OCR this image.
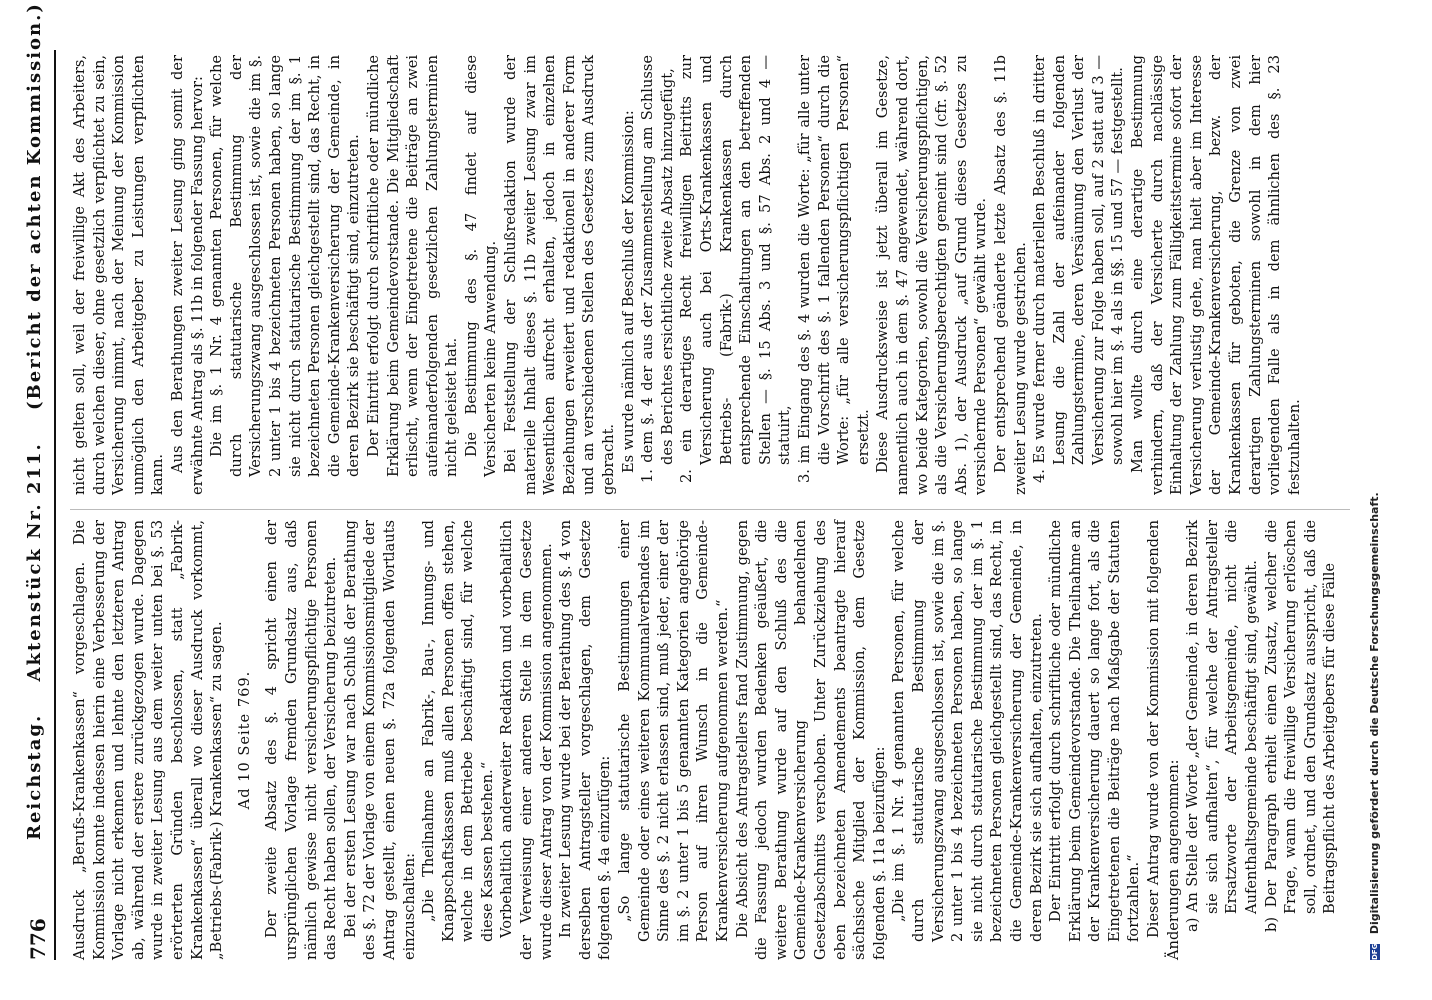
776
Reichstag. Aktenstück Nr. 211. (Bericht der achten Kommission.)

Ausdruck „Berufs-Krankenkassen“ vorgeschlagen. Die Kommission konnte indessen hierin eine Verbesserung der Vorlage nicht erkennen und lehnte den letzteren Antrag ab, während der erstere zurückgezogen wurde. Dagegen wurde in zweiter Lesung aus dem weiter unten bei §. 53 erörterten Gründen beschlossen, statt „Fabrik-Krankenkassen“ überall wo dieser Ausdruck vorkommt, „Betriebs-(Fabrik-) Krankenkassen“ zu sagen. Ad 10 Seite 769. Der zweite Absatz des §. 4 spricht einen der ursprünglichen Vorlage fremden Grundsatz aus, daß nämlich gewisse nicht versicherungspflichtige Personen das Recht haben sollen, der Versicherung beizutreten. Bei der ersten Lesung war nach Schluß der Berathung des §. 72 der Vorlage von einem Kommissionsmitgliede der Antrag gestellt, einen neuen §. 72a folgenden Wortlauts einzuschalten: „Die Theilnahme an Fabrik-, Bau-, Innungs- und Knappschaftskassen muß allen Personen offen stehen, welche in dem Betriebe beschäftigt sind, für welche diese Kassen bestehen.“ Vorbehaltlich anderweiter Redaktion und vorbehaltlich der Verweisung einer anderen Stelle in dem Gesetze wurde dieser Antrag von der Kommission angenommen. In zweiter Lesung wurde bei der Berathung des §. 4 von derselben Antragsteller vorgeschlagen, dem Gesetze folgenden §. 4a einzufügen: „So lange statutarische Bestimmungen einer Gemeinde oder eines weiteren Kommunalverbandes im Sinne des §. 2 nicht erlassen sind, muß jeder, einer der im §. 2 unter 1 bis 5 genannten Kategorien angehörige Person auf ihren Wunsch in die Gemeinde-Krankenversicherung aufgenommen werden.“ Die Absicht des Antragstellers fand Zustimmung, gegen die Fassung jedoch wurden Bedenken geäußert, die weitere Berathung wurde auf den Schluß des die Gemeinde-Krankenversicherung behandelnden Gesetzabschnitts verschoben. Unter Zurückziehung des eben bezeichneten Amendements beantragte hierauf sächsische Mitglied der Kommission, dem Gesetze folgenden §. 11a beizufügen: „Die im §. 1 Nr. 4 genannten Personen, für welche durch statutarische Bestimmung der Versicherungszwang ausgeschlossen ist, sowie die im §. 2 unter 1 bis 4 bezeichneten Personen haben, so lange sie nicht durch statutarische Bestimmung der im §. 1 bezeichneten Personen gleichgestellt sind, das Recht, in die Gemeinde-Krankenversicherung der Gemeinde, in deren Bezirk sie sich aufhalten, einzutreten. Der Eintritt erfolgt durch schriftliche oder mündliche Erklärung beim Gemeindevorstande. Die Theilnahme an der Krankenversicherung dauert so lange fort, als die Eingetretenen die Beiträge nach Maßgabe der Statuten fortzahlen.“ Dieser Antrag wurde von der Kommission mit folgenden Änderungen angenommen: a) An Stelle der Worte „der Gemeinde, in deren Bezirk sie sich aufhalten“, für welche der Antragsteller Ersatzworte der Arbeitsgemeinde, nicht die Aufenthaltsgemeinde beschäftigt sind, gewählt. b) Der Paragraph erhielt einen Zusatz, welcher die Frage, wann die freiwillige Versicherung erlöschen soll, ordnet, und den Grundsatz ausspricht, daß die Beitragspflicht des Arbeitgebers für diese Fälle

nicht gelten soll, weil der freiwillige Akt des Arbeiters, durch welchen dieser, ohne gesetzlich verpflichtet zu sein, Versicherung nimmt, nach der Meinung der Kommission unmöglich den Arbeitgeber zu Leistungen verpflichten kann.

Aus den Berathungen zweiter Lesung ging somit der erwähnte Antrag als §. 11b in folgender Fassung hervor: Die im §. 1 Nr. 4 genannten Personen, für welche durch statutarische Bestimmung der Versicherungszwang ausgeschlossen ist, sowie die im §. 2 unter 1 bis 4 bezeichneten Personen haben, so lange sie nicht durch statutarische Bestimmung der im §. 1 bezeichneten Personen gleichgestellt sind, das Recht, in die Gemeinde-Krankenversicherung der Gemeinde, in deren Bezirk sie beschäftigt sind, einzutreten. Der Eintritt erfolgt durch schriftliche oder mündliche Erklärung beim Gemeindevorstande. Die Mitgliedschaft erlischt, wenn der Eingetretene die Beiträge an zwei aufeinanderfolgenden gesetzlichen Zahlungsterminen nicht geleistet hat. Die Bestimmung des §. 47 findet auf diese Versicherten keine Anwendung. Bei Feststellung der Schlußredaktion wurde der materielle Inhalt dieses §. 11b zweiter Lesung zwar im Wesentlichen aufrecht erhalten, jedoch in einzelnen Beziehungen erweitert und redaktionell in anderer Form und an verschiedenen Stellen des Gesetzes zum Ausdruck gebracht. Es wurde nämlich auf Beschluß der Kommission: 1. dem §. 4 der aus der Zusammenstellung am Schlusse des Berichtes ersichtliche zweite Absatz hinzugefügt, 2. ein derartiges Recht freiwilligen Beitritts zur Versicherung auch bei Orts-Krankenkassen und Betriebs- (Fabrik-) Krankenkassen durch entsprechende Einschaltungen an den betreffenden Stellen — §. 15 Abs. 3 und §. 57 Abs. 2 und 4 — statuirt, 3. im Eingang des §. 4 wurden die Worte: „für alle unter die Vorschrift des §. 1 fallenden Personen“ durch die Worte: „für alle versicherungspflichtigen Personen“ ersetzt. Diese Ausdrucksweise ist jetzt überall im Gesetze, namentlich auch in dem §. 47 angewendet, während dort, wo beide Kategorien, sowohl die Versicherungspflichtigen, als die Versicherungsberechtigten gemeint sind (cfr. §. 52 Abs. 1), der Ausdruck „auf Grund dieses Gesetzes zu versichernde Personen“ gewählt wurde. Der entsprechend geänderte letzte Absatz des §. 11b zweiter Lesung wurde gestrichen. 4. Es wurde ferner durch materiellen Beschluß in dritter Lesung die Zahl der aufeinander folgenden Zahlungstermine, deren Versäumung den Verlust der Versicherung zur Folge haben soll, auf 2 statt auf 3 — sowohl hier im §. 4 als in §§. 15 und 57 — festgestellt. Man wollte durch eine derartige Bestimmung verhindern, daß der Versicherte durch nachlässige Einhaltung der Zahlung zum Fälligkeitstermine sofort der Versicherung verlustig gehe, man hielt aber im Interesse der Gemeinde-Krankenversicherung, bezw. der Krankenkassen für geboten, die Grenze von zwei derartigen Zahlungsterminen sowohl in dem hier vorliegenden Falle als in dem ähnlichen des §. 23 festzuhalten.

DFG Digitalisierung gefördert durch die Deutsche Forschungsgemeinschaft.
